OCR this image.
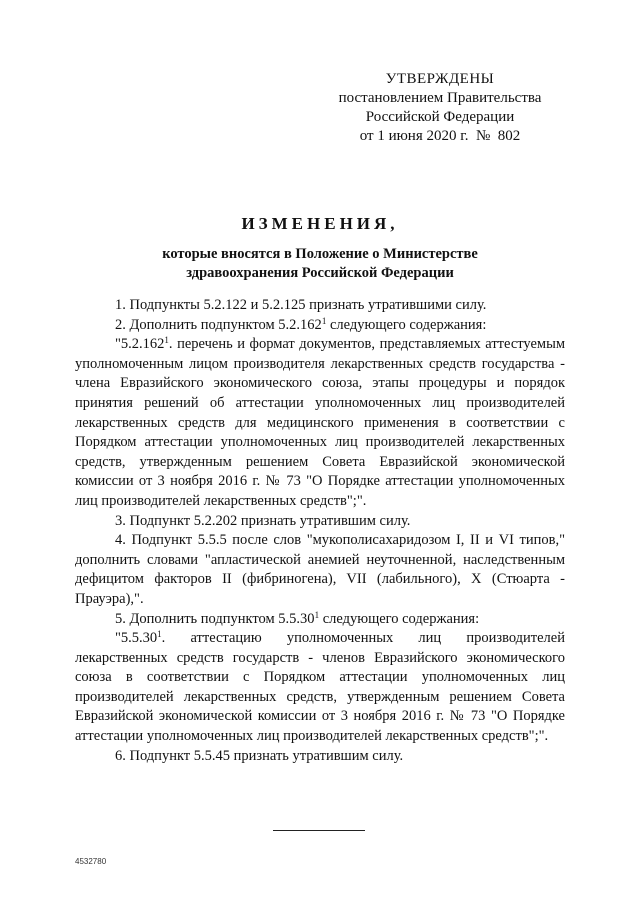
УТВЕРЖДЕНЫ
постановлением Правительства
Российской Федерации
от 1 июня 2020 г.  №  802
ИЗМЕНЕНИЯ,
которые вносятся в Положение о Министерстве
здравоохранения Российской Федерации

1. Подпункты 5.2.122 и 5.2.125 признать утратившими силу.

2. Дополнить подпунктом 5.2.162$^1$ следующего содержания:

"5.2.162$^1$. перечень и формат документов, представляемых аттестуемым уполномоченным лицом производителя лекарственных средств государства - члена Евразийского экономического союза, этапы процедуры и порядок принятия решений об аттестации уполномоченных лиц производителей лекарственных средств для медицинского применения в соответствии с Порядком аттестации уполномоченных лиц производителей лекарственных средств, утвержденным решением Совета Евразийской экономической комиссии от 3 ноября 2016 г. № 73 "О Порядке аттестации уполномоченных лиц производителей лекарственных средств";".

3. Подпункт 5.2.202 признать утратившим силу.

4. Подпункт 5.5.5 после слов "мукополисахаридозом I, II и VI типов," дополнить словами "апластической анемией неуточненной, наследственным дефицитом факторов II (фибриногена), VII (лабильного), X (Стюарта - Прауэра),".

5. Дополнить подпунктом 5.5.30$^1$ следующего содержания:

"5.5.30$^1$. аттестацию уполномоченных лиц производителей лекарственных средств государств - членов Евразийского экономического союза в соответствии с Порядком аттестации уполномоченных лиц производителей лекарственных средств, утвержденным решением Совета Евразийской экономической комиссии от 3 ноября 2016 г. № 73 "О Порядке аттестации уполномоченных лиц производителей лекарственных средств";".

6. Подпункт 5.5.45 признать утратившим силу.

4532780
